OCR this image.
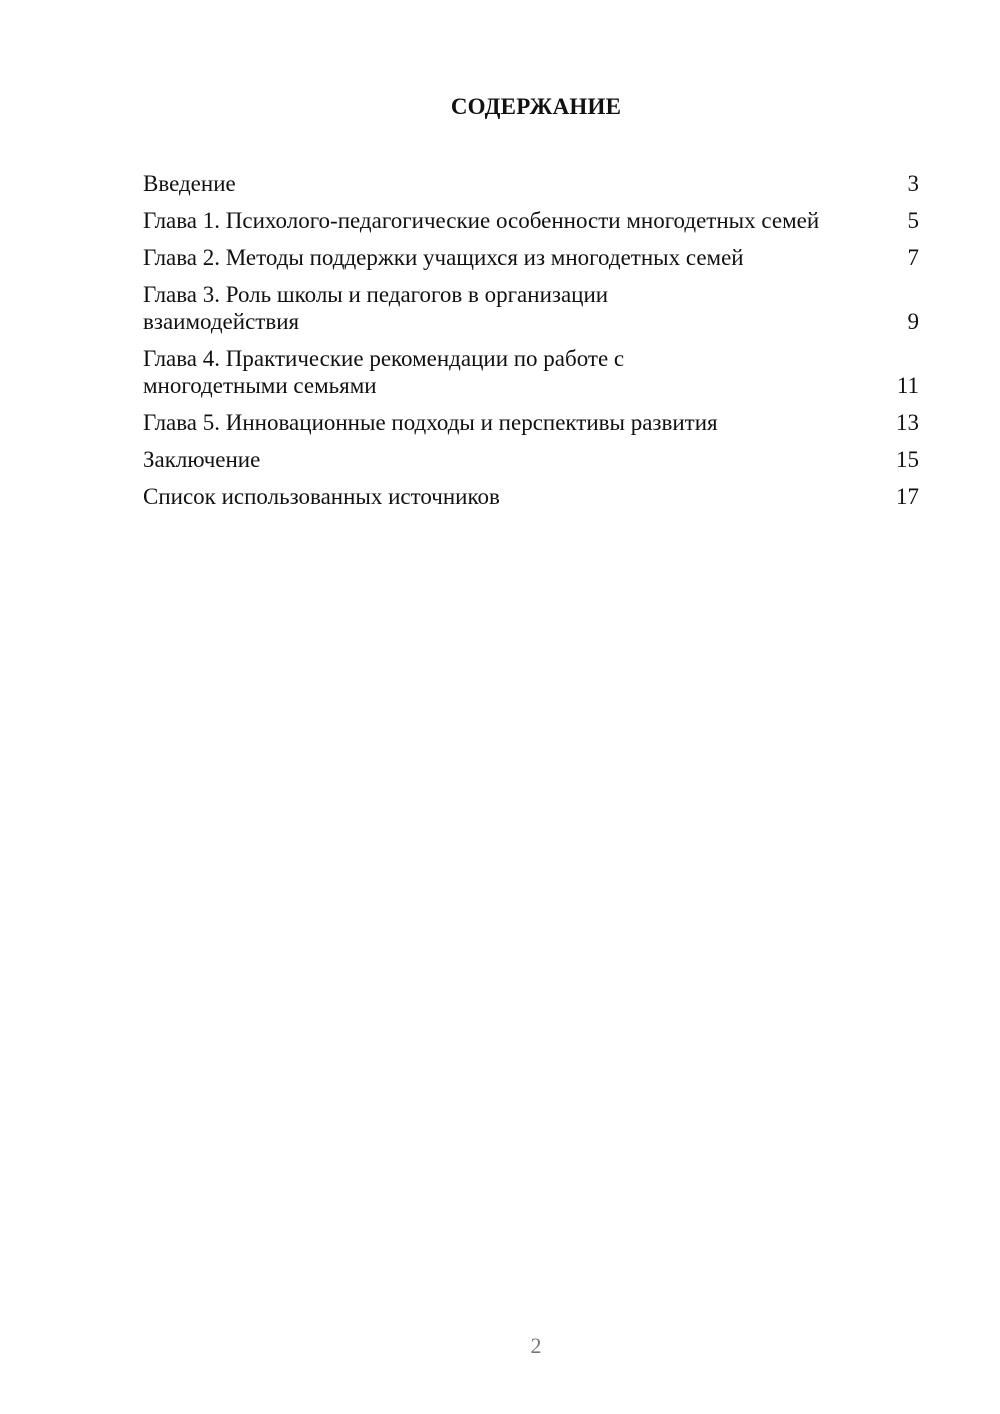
СОДЕРЖАНИЕ
Введение	3
Глава 1. Психолого-педагогические особенности многодетных семей	5
Глава 2. Методы поддержки учащихся из многодетных семей	7
Глава 3. Роль школы и педагогов в организации взаимодействия	9
Глава 4. Практические рекомендации по работе с многодетными семьями	11
Глава 5. Инновационные подходы и перспективы развития	13
Заключение	15
Список использованных источников	17
2
